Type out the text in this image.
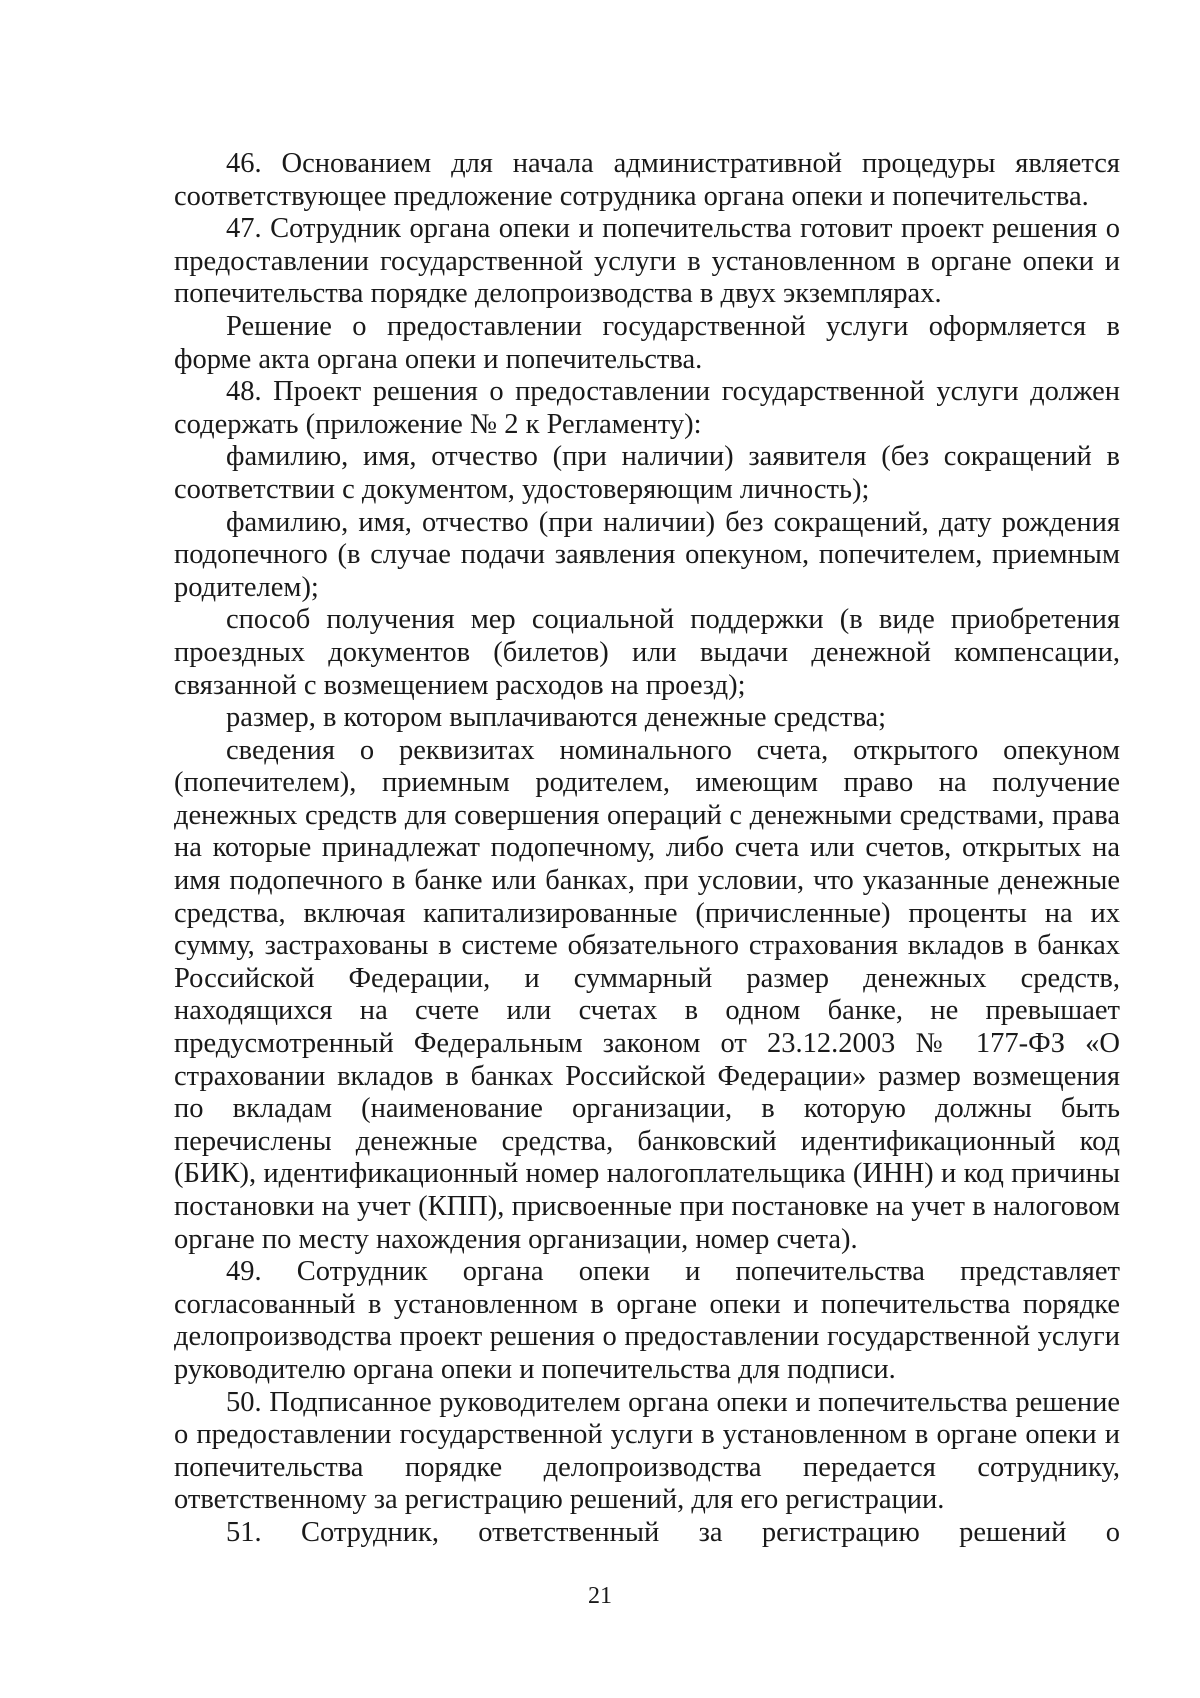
46. Основанием для начала административной процедуры является соответствующее предложение сотрудника органа опеки и попечительства.

47. Сотрудник органа опеки и попечительства готовит проект решения о предоставлении государственной услуги в установленном в органе опеки и попечительства порядке делопроизводства в двух экземплярах.

Решение о предоставлении государственной услуги оформляется в форме акта органа опеки и попечительства.

48. Проект решения о предоставлении государственной услуги должен содержать (приложение № 2 к Регламенту):

фамилию, имя, отчество (при наличии) заявителя (без сокращений в соответствии с документом, удостоверяющим личность);

фамилию, имя, отчество (при наличии) без сокращений, дату рождения подопечного (в случае подачи заявления опекуном, попечителем, приемным родителем);

способ получения мер социальной поддержки (в виде приобретения проездных документов (билетов) или выдачи денежной компенсации, связанной с возмещением расходов на проезд);

размер, в котором выплачиваются денежные средства;

сведения о реквизитах номинального счета, открытого опекуном (попечителем), приемным родителем, имеющим право на получение денежных средств для совершения операций с денежными средствами, права на которые принадлежат подопечному, либо счета или счетов, открытых на имя подопечного в банке или банках, при условии, что указанные денежные средства, включая капитализированные (причисленные) проценты на их сумму, застрахованы в системе обязательного страхования вкладов в банках Российской Федерации, и суммарный размер денежных средств, находящихся на счете или счетах в одном банке, не превышает предусмотренный Федеральным законом от 23.12.2003 № 177-ФЗ «О страховании вкладов в банках Российской Федерации» размер возмещения по вкладам (наименование организации, в которую должны быть перечислены денежные средства, банковский идентификационный код (БИК), идентификационный номер налогоплательщика (ИНН) и код причины постановки на учет (КПП), присвоенные при постановке на учет в налоговом органе по месту нахождения организации, номер счета).

49. Сотрудник органа опеки и попечительства представляет согласованный в установленном в органе опеки и попечительства порядке делопроизводства проект решения о предоставлении государственной услуги руководителю органа опеки и попечительства для подписи.

50. Подписанное руководителем органа опеки и попечительства решение о предоставлении государственной услуги в установленном в органе опеки и попечительства порядке делопроизводства передается сотруднику, ответственному за регистрацию решений, для его регистрации.

51. Сотрудник, ответственный за регистрацию решений о

21
